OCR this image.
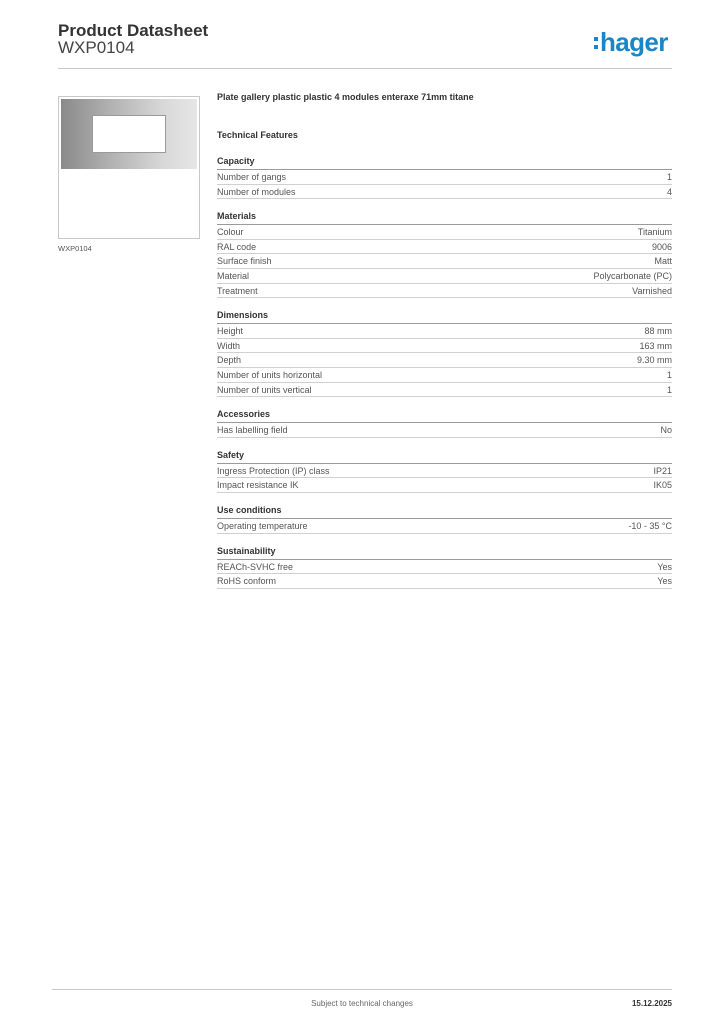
Product Datasheet
WXP0104	hager
WXP0104
Plate gallery plastic plastic 4 modules enteraxe 71mm titane
Technical Features
Capacity
Number of gangs	1
Number of modules	4
Materials
Colour	Titanium
RAL code	9006
Surface finish	Matt
Material	Polycarbonate (PC)
Treatment	Varnished
Dimensions
Height	88 mm
Width	163 mm
Depth	9.30 mm
Number of units horizontal	1
Number of units vertical	1
Accessories
Has labelling field	No
Safety
Ingress Protection (IP) class	IP21
Impact resistance IK	IK05
Use conditions
Operating temperature	-10 - 35 °C
Sustainability
REACh-SVHC free	Yes
RoHS conform	Yes
Subject to technical changes	15.12.2025
